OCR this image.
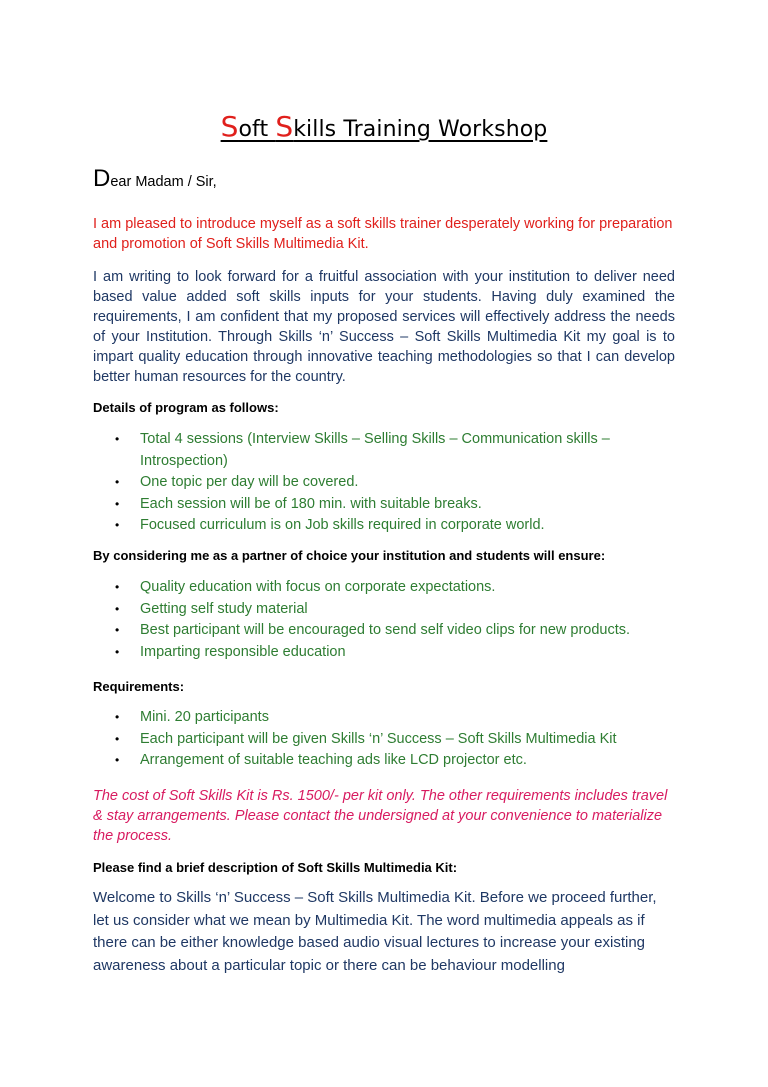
Soft Skills Training Workshop
Dear Madam / Sir,

I am pleased to introduce myself as a soft skills trainer desperately working for preparation and promotion of Soft Skills Multimedia Kit.

I am writing to look forward for a fruitful association with your institution to deliver need based value added soft skills inputs for your students. Having duly examined the requirements, I am confident that my proposed services will effectively address the needs of your Institution. Through Skills ‘n’ Success – Soft Skills Multimedia Kit my goal is to impart quality education through innovative teaching methodologies so that I can develop better human resources for the country.

Details of program as follows:

• Total 4 sessions (Interview Skills – Selling Skills – Communication skills – Introspection)
• One topic per day will be covered.
• Each session will be of 180 min. with suitable breaks.
• Focused curriculum is on Job skills required in corporate world.

By considering me as a partner of choice your institution and students will ensure:

• Quality education with focus on corporate expectations.
• Getting self study material
• Best participant will be encouraged to send self video clips for new products.
• Imparting responsible education

Requirements:

• Mini. 20 participants
• Each participant will be given Skills ‘n’ Success – Soft Skills Multimedia Kit
• Arrangement of suitable teaching ads like LCD projector etc.

The cost of Soft Skills Kit is Rs. 1500/- per kit only. The other requirements includes travel & stay arrangements. Please contact the undersigned at your convenience to materialize the process.

Please find a brief description of Soft Skills Multimedia Kit:

Welcome to Skills ‘n’ Success – Soft Skills Multimedia Kit. Before we proceed further, let us consider what we mean by Multimedia Kit. The word multimedia appeals as if there can be either knowledge based audio visual lectures to increase your existing awareness about a particular topic or there can be behaviour modelling
